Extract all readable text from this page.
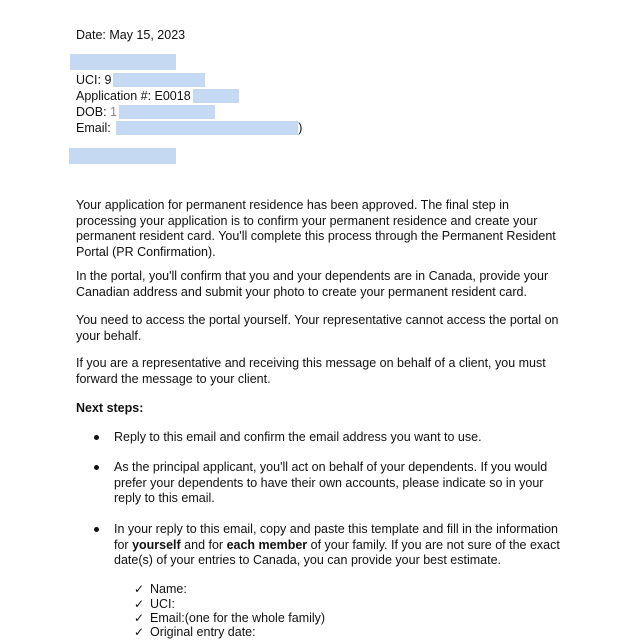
Date: May 15, 2023
UCI: 9
Application #: E0018
DOB: 1
Email:	)
Your application for permanent residence has been approved. The final step in
processing your application is to confirm your permanent residence and create your
permanent resident card. You'll complete this process through the Permanent Resident
Portal (PR Confirmation).
In the portal, you'll confirm that you and your dependents are in Canada, provide your
Canadian address and submit your photo to create your permanent resident card.
You need to access the portal yourself. Your representative cannot access the portal on
your behalf.
If you are a representative and receiving this message on behalf of a client, you must
forward the message to your client.
Next steps:
Reply to this email and confirm the email address you want to use.
As the principal applicant, you'll act on behalf of your dependents. If you would
prefer your dependents to have their own accounts, please indicate so in your
reply to this email.
In your reply to this email, copy and paste this template and fill in the information
for yourself and for each member of your family. If you are not sure of the exact
date(s) of your entries to Canada, you can provide your best estimate.
✓ Name:
✓ UCI:
✓ Email:(one for the whole family)
✓ Original entry date:
